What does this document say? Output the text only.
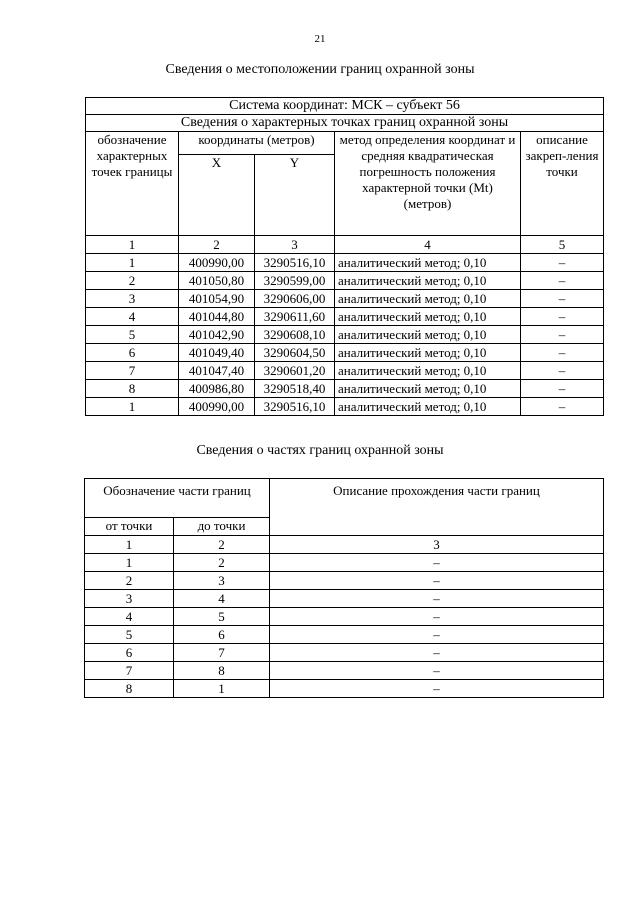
21
Сведения о местоположении границ охранной зоны
Система координат: МСК – субъект 56				
Сведения о характерных точках границ охранной зоны				
обозначение характерных точек границы	координаты (метров)		метод определения координат и средняя квадратическая погрешность положения характерной точки (Mt) (метров)	описание закреп-ления точки
	X	Y		
1	2	3	4	5
1	400990,00	3290516,10	аналитический метод; 0,10	–
2	401050,80	3290599,00	аналитический метод; 0,10	–
3	401054,90	3290606,00	аналитический метод; 0,10	–
4	401044,80	3290611,60	аналитический метод; 0,10	–
5	401042,90	3290608,10	аналитический метод; 0,10	–
6	401049,40	3290604,50	аналитический метод; 0,10	–
7	401047,40	3290601,20	аналитический метод; 0,10	–
8	400986,80	3290518,40	аналитический метод; 0,10	–
1	400990,00	3290516,10	аналитический метод; 0,10	–
Сведения о частях границ охранной зоны
Обозначение части границ		Описание прохождения части границ
от точки	до точки	
1	2	3
1	2	–
2	3	–
3	4	–
4	5	–
5	6	–
6	7	–
7	8	–
8	1	–
